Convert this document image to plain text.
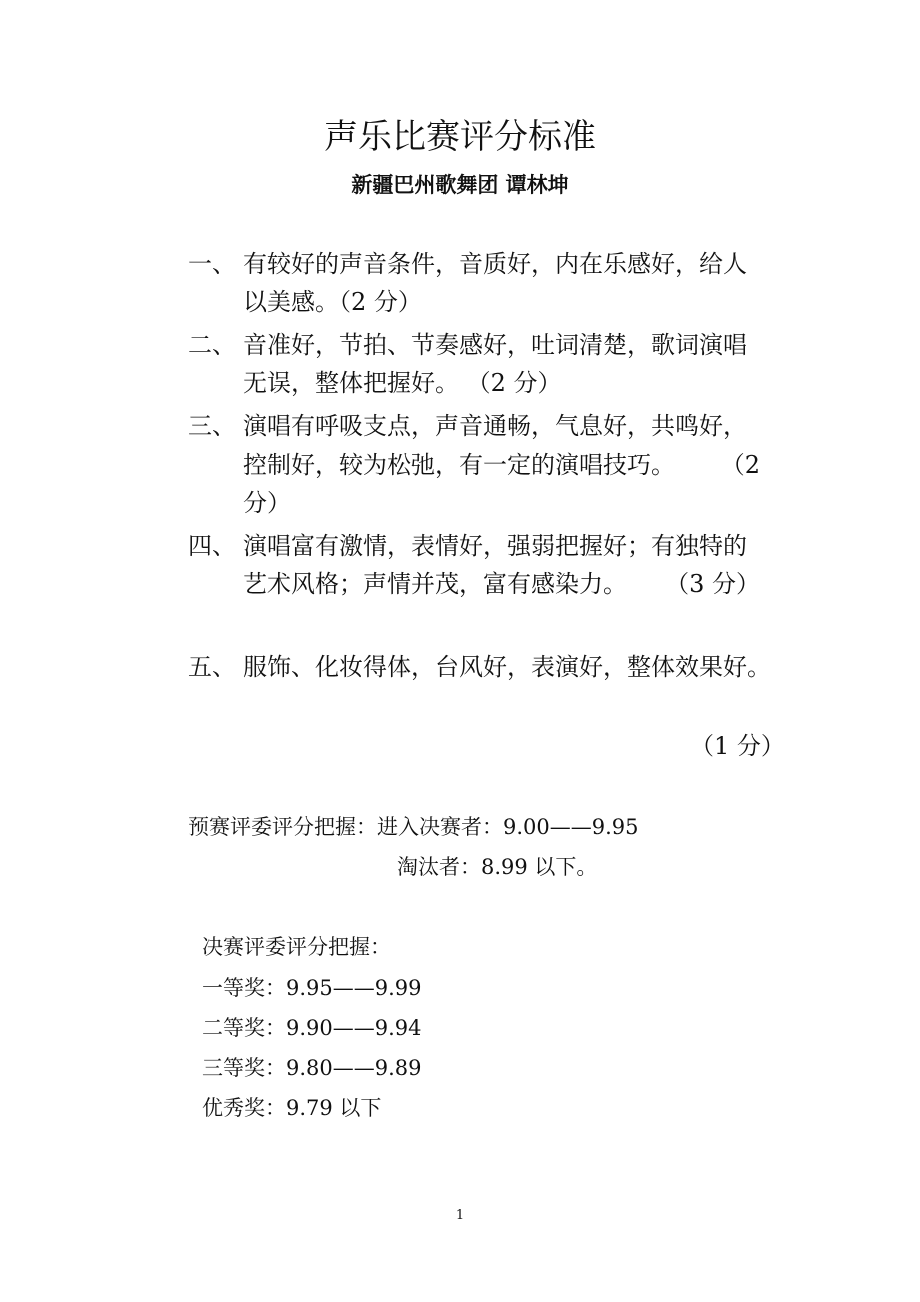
声乐比赛评分标准
新疆巴州歌舞团 谭林坤
一、 有较好的声音条件，音质好，内在乐感好，给人
以美感。（2 分）
二、 音准好，节拍、节奏感好，吐词清楚，歌词演唱
无误，整体把握好。 （2 分）
三、 演唱有呼吸支点，声音通畅，气息好，共鸣好，
控制好，较为松弛，有一定的演唱技巧。      （2
分）
四、 演唱富有激情，表情好，强弱把握好；有独特的
艺术风格；声情并茂，富有感染力。     （3 分）
五、 服饰、化妆得体，台风好，表演好，整体效果好。
（1 分）
预赛评委评分把握：进入决赛者：9.00——9.95
淘汰者：8.99 以下。
决赛评委评分把握：
一等奖：9.95——9.99
二等奖：9.90——9.94
三等奖：9.80——9.89
优秀奖：9.79 以下
1
